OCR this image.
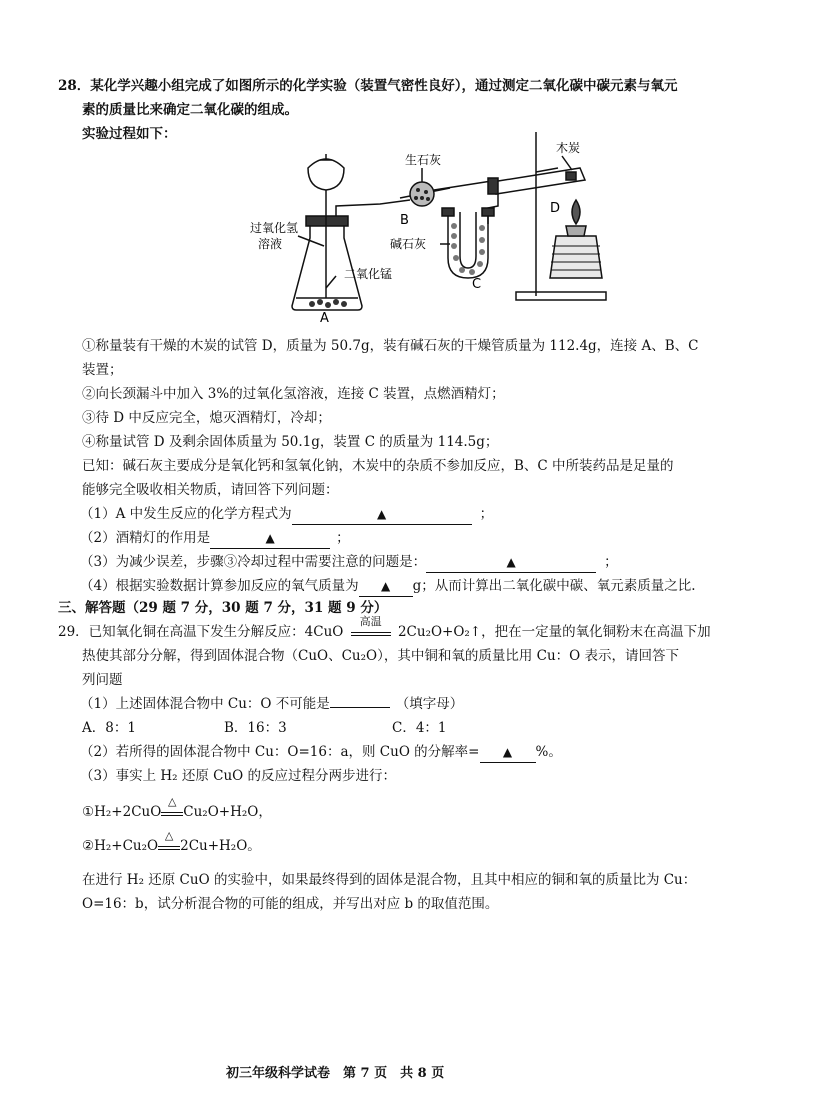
28．某化学兴趣小组完成了如图所示的化学实验（装置气密性良好），通过测定二氧化碳中碳元素与氧元
素的质量比来确定二氧化碳的组成。
实验过程如下：
生石灰
木炭
过氧化氢
溶液	碱石灰
二氧化锰
A
B
C
D
①称量装有干燥的木炭的试管 D，质量为 50.7g，装有碱石灰的干燥管质量为 112.4g，连接 A、B、C
装置；
②向长颈漏斗中加入 3%的过氧化氢溶液，连接 C 装置，点燃酒精灯；
③待 D 中反应完全，熄灭酒精灯，冷却；
④称量试管 D 及剩余固体质量为 50.1g，装置 C 的质量为 114.5g；
已知：碱石灰主要成分是氧化钙和氢氧化钠，木炭中的杂质不参加反应，B、C 中所装药品是足量的
能够完全吸收相关物质，请回答下列问题：
（1）A 中发生反应的化学方程式为	▲	；
（2）酒精灯的作用是	▲	；
（3）为减少误差，步骤③冷却过程中需要注意的问题是：	▲	；
（4）根据实验数据计算参加反应的氧气质量为 ▲ g；从而计算出二氧化碳中碳、氧元素质量之比.
三、解答题（29 题 7 分，30 题 7 分，31 题 9 分）
29．已知氧化铜在高温下发生分解反应：4CuO
高温
2Cu₂O+O₂↑，把在一定量的氧化铜粉末在高温下加
热使其部分分解，得到固体混合物（CuO、Cu₂O），其中铜和氧的质量比用 Cu：O 表示，请回答下
列问题
（1）上述固体混合物中 Cu：O 不可能是	（填字母）
A．8：1	B．16：3	C．4：1
（2）若所得的固体混合物中 Cu：O=16：a，则 CuO 的分解率= ▲ %。
（3）事实上 H₂ 还原 CuO 的反应过程分两步进行：
①H₂+2CuO
△
Cu₂O+H₂O，
②H₂+Cu₂O
△
2Cu+H₂O。
在进行 H₂ 还原 CuO 的实验中，如果最终得到的固体是混合物，且其中相应的铜和氧的质量比为 Cu：
O=16：b，试分析混合物的可能的组成，并写出对应 b 的取值范围。
初三年级科学试卷　第 7 页　共 8 页
